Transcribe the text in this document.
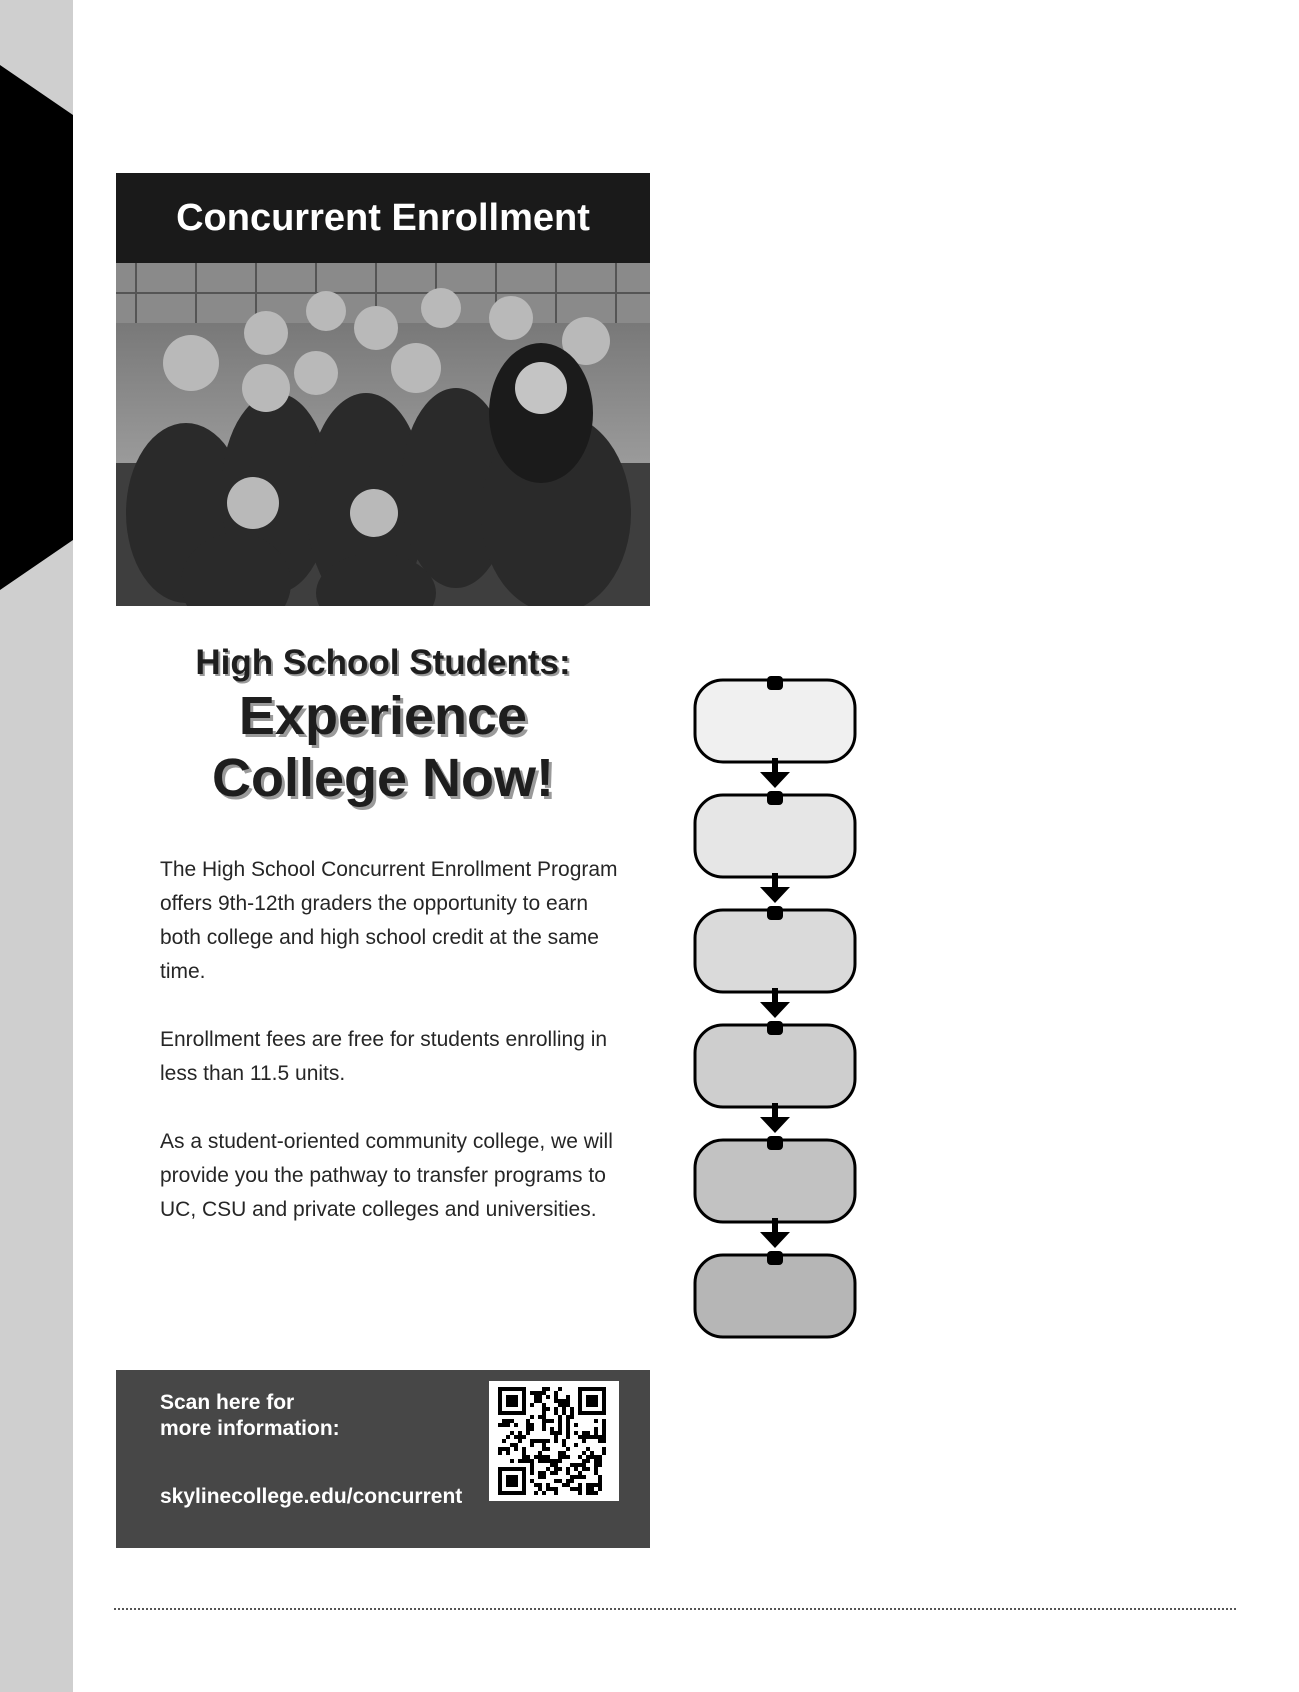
Concurrent Enrollment
High School Students:
Experience
College Now!

The High School Concurrent Enrollment Program offers 9th-12th graders the opportunity to earn both college and high school credit at the same time.

Enrollment fees are free for students enrolling in less than 11.5 units.

As a student-oriented community college, we will provide you the pathway to transfer programs to UC, CSU and private colleges and universities.

Scan here for
more information:
skylinecollege.edu/concurrent
